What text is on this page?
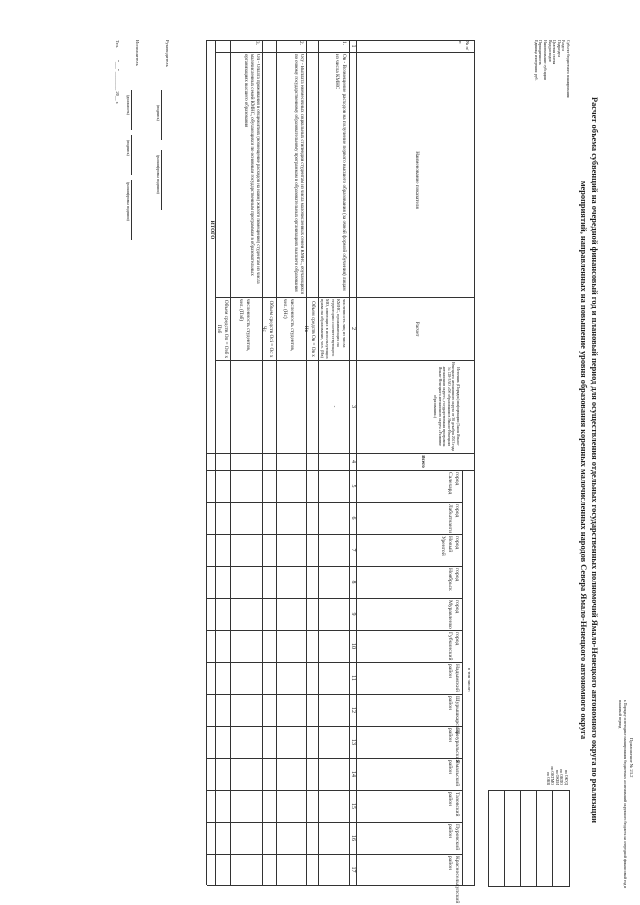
Приложение № 23.2
к Порядку и методике планирования бюджетных ассигнований окружного бюджета на очередной финансовый год и плановый период
Расчет объема субвенций на очередной финансовый год и плановый период для осуществления отдельных государственных полномочий Ямало-Ненецкого автономного округа по реализации
мероприятий, направленных на повышение уровня образования коренных малочисленных народов Севера Ямало-Ненецкого автономного округа
Субъект бюджетного планирования
Раздел
Подраздел
Целевая статья
Вид расходов
Наименование субсидии
Периодичность
Единица измерения: руб.
по ОКУД
по ОКПО
по ОКЕИ
по ОКТМО
по ОКВ
№ п/п
Наименование показателя
Расчет
Источник (Порядок) информации (Закон Ямало-Ненецкого автономного округа от 30 декабря 2013 года № 128-ЗАО «Об образовании в Ямало-Ненецком автономном округе», государственная программа Ямало-Ненецкого автономного округа «Развитие образования»)
Всего
в том числе:
город Салехард
город Лабытнанги
город Новый Уренгой
город Ноябрьск
город Муравленко
город Губкинский
Надымский район
Шурышкарский район
Приуральский район
Ямальский район
Тазовский район
Пуровский район
Красноселькупский район
1
2
3
4
5
6
7
8
9
10
11
12
13
14
15
16
17
1.
Ов - Возмещение расходов на получение первого высшего образования (за очной формой обучения) лицам из числа КМНС
численность лиц из числа КМНС, проживающих на территории соответствующего МО, имеющих в использующих права на образование, чел. (Нв)
-
Объем средств Ов = Ов x Нв
2.
Осу - Выплата ежемесячных социальных стипендий студентам из числа малочисленных семей КМНС, обучающихся по очному государственному образовательному программам в образовательных организациях высшего образования
численность студентов, чел. (Нс)
Объем средств Осі = Ос x Чс
3.
Оп - Оплата проживания в общежитиях (возмещение расходов на найм) жилого помещения) студентам из числа малочисленных семей КМНС, обучающихся по основным государственным программам в образовательных организациях высшего образования
численность студентов, чел. (Пзб)
Объем средств Оп = Озб x Пзб
ИТОГО
Руководитель
(подпись)
(расшифровка подписи)
Исполнитель
(должность)
(подпись)
(расшифровка подписи)
Тел.
"___" ________ 20__ г.
